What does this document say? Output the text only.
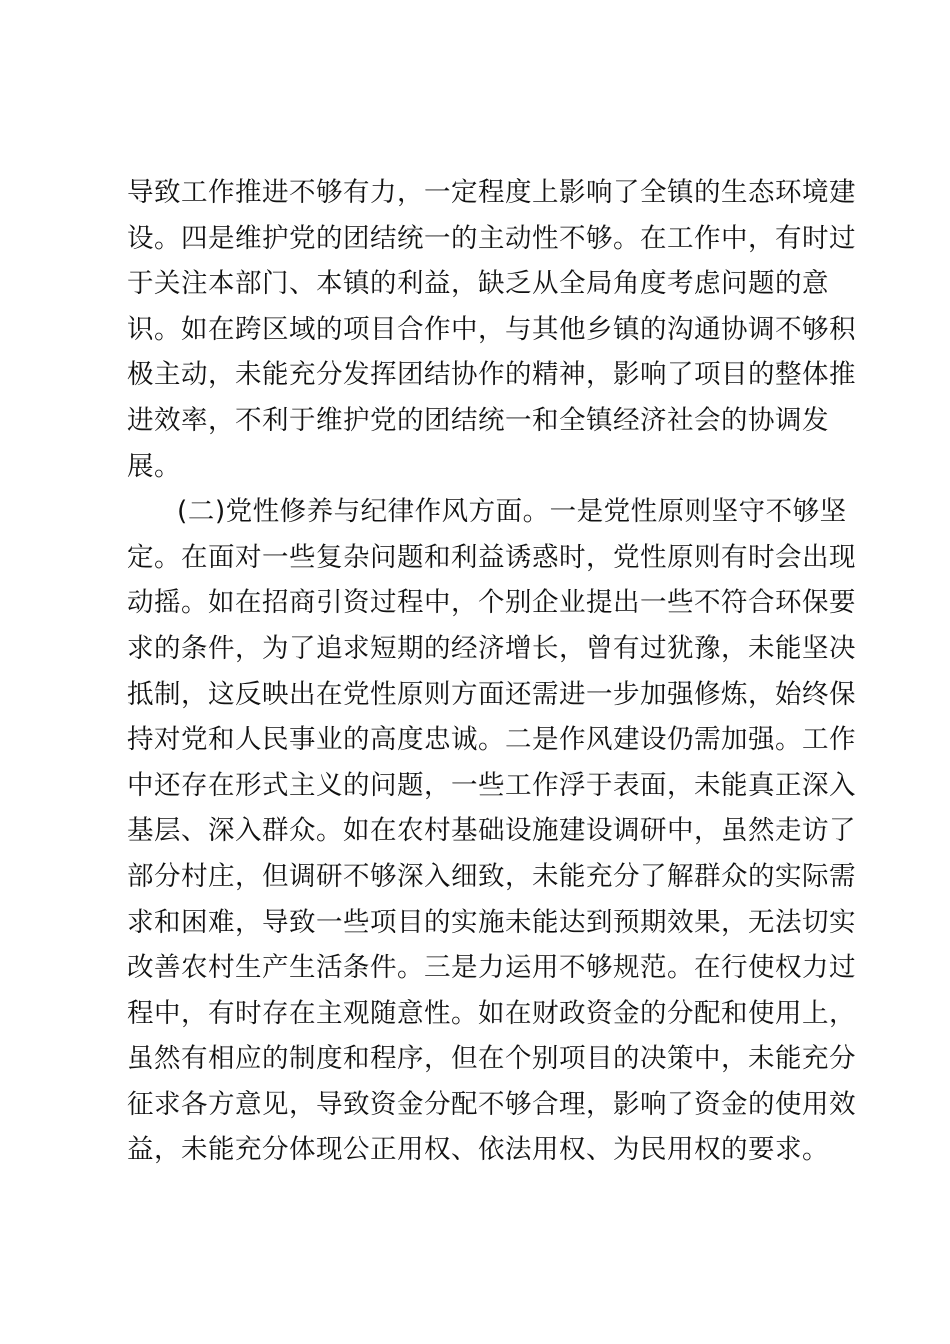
导致工作推进不够有力，一定程度上影响了全镇的生态环境建
设。四是维护党的团结统一的主动性不够。在工作中，有时过
于关注本部门、本镇的利益，缺乏从全局角度考虑问题的意
识。如在跨区域的项目合作中，与其他乡镇的沟通协调不够积
极主动，未能充分发挥团结协作的精神，影响了项目的整体推
进效率，不利于维护党的团结统一和全镇经济社会的协调发
展。
(二)党性修养与纪律作风方面。一是党性原则坚守不够坚
定。在面对一些复杂问题和利益诱惑时，党性原则有时会出现
动摇。如在招商引资过程中，个别企业提出一些不符合环保要
求的条件，为了追求短期的经济增长，曾有过犹豫，未能坚决
抵制，这反映出在党性原则方面还需进一步加强修炼，始终保
持对党和人民事业的高度忠诚。二是作风建设仍需加强。工作
中还存在形式主义的问题，一些工作浮于表面，未能真正深入
基层、深入群众。如在农村基础设施建设调研中，虽然走访了
部分村庄，但调研不够深入细致，未能充分了解群众的实际需
求和困难，导致一些项目的实施未能达到预期效果，无法切实
改善农村生产生活条件。三是力运用不够规范。在行使权力过
程中，有时存在主观随意性。如在财政资金的分配和使用上，
虽然有相应的制度和程序，但在个别项目的决策中，未能充分
征求各方意见，导致资金分配不够合理，影响了资金的使用效
益，未能充分体现公正用权、依法用权、为民用权的要求。
